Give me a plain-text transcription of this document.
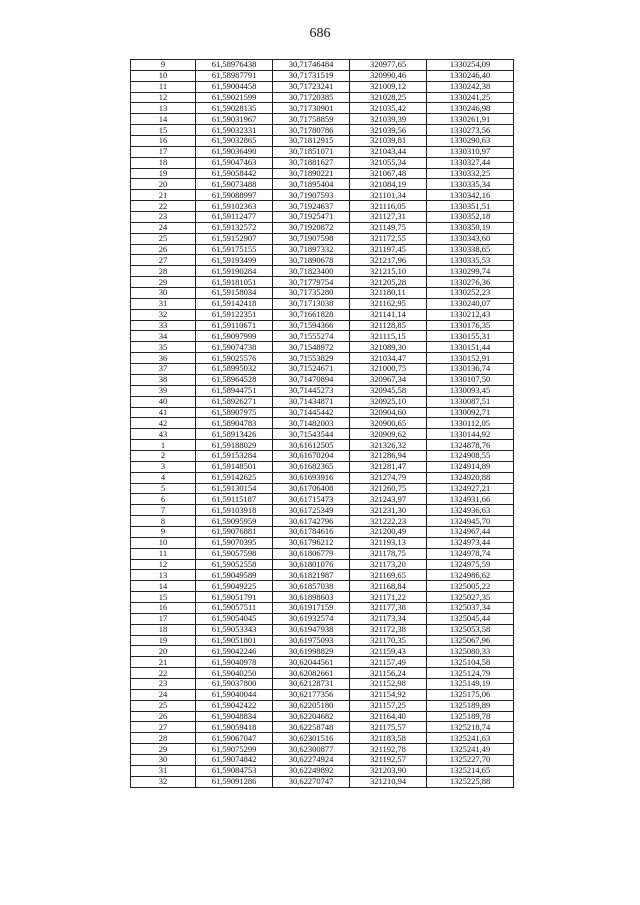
686
9	61,58976438	30,71746484	320977,65	1330254,09
10	61,58987791	30,71731519	320990,46	1330246,40
11	61,59004458	30,71723241	321009,12	1330242,38
12	61,59021599	30,71720385	321028,25	1330241,25
13	61,59028135	30,71730901	321035,42	1330246,98
14	61,59031967	30,71758859	321039,39	1330261,91
15	61,59032331	30,71780786	321039,56	1330273,56
16	61,59032865	30,71812915	321039,81	1330290,63
17	61,59036490	30,71851071	321043,44	1330310,97
18	61,59047463	30,71881627	321055,34	1330327,44
19	61,59058442	30,71890221	321067,48	1330332,25
20	61,59073488	30,71895404	321084,19	1330335,34
21	61,59088997	30,71907593	321101,34	1330342,16
22	61,59102363	30,71924637	321116,05	1330351,51
23	61,59112477	30,71925471	321127,31	1330352,18
24	61,59132572	30,71920872	321149,75	1330350,19
25	61,59152907	30,71907598	321172,55	1330343,60
26	61,59175155	30,71897332	321197,45	1330338,65
27	61,59193499	30,71890678	321217,96	1330335,53
28	61,59190284	30,71823400	321215,10	1330299,74
29	61,59181051	30,71779754	321205,28	1330276,36
30	61,59158034	30,71735280	321180,11	1330252,23
31	61,59142418	30,71713038	321162,95	1330240,07
32	61,59122351	30,71661828	321141,14	1330212,43
33	61,59110671	30,71594366	321128,85	1330176,35
34	61,59097999	30,71555274	321115,15	1330155,31
35	61,59074738	30,71548972	321089,30	1330151,44
36	61,59025576	30,71553829	321034,47	1330152,91
37	61,58995032	30,71524671	321000,75	1330136,74
38	61,58964528	30,71470894	320967,34	1330107,50
39	61,58944751	30,71445273	320945,58	1330093,45
40	61,58926271	30,71434871	320925,10	1330087,51
41	61,58907975	30,71445442	320904,60	1330092,71
42	61,58904783	30,71482003	320900,65	1330112,05
43	61,58913426	30,71543544	320909,62	1330144,92
1	61,59188029	30,61612505	321326,32	1324878,76
2	61,59153284	30,61670204	321286,94	1324908,55
3	61,59148501	30,61682365	321281,47	1324914,89
4	61,59142625	30,61693916	321274,79	1324920,88
5	61,59130154	30,61706408	321260,75	1324927,21
6	61,59115187	30,61715473	321243,97	1324931,66
7	61,59103918	30,61725349	321231,30	1324936,63
8	61,59095959	30,61742796	321222,23	1324945,70
9	61,59076881	30,61784616	321200,49	1324967,44
10	61,59070395	30,61796212	321193,13	1324973,44
11	61,59057598	30,61806779	321178,75	1324978,74
12	61,59052558	30,61801076	321173,20	1324975,59
13	61,59049589	30,61821987	321169,65	1324986,62
14	61,59049225	30,61857038	321168,84	1325005,22
15	61,59051791	30,61898603	321171,22	1325027,35
16	61,59057511	30,61917159	321177,38	1325037,34
17	61,59054045	30,61932574	321173,34	1325045,44
18	61,59053343	30,61947938	321172,38	1325053,58
19	61,59051801	30,61975093	321170,35	1325067,96
20	61,59042246	30,61998829	321159,43	1325080,33
21	61,59040978	30,62044561	321157,49	1325104,58
22	61,59040250	30,62082661	321156,24	1325124,79
23	61,59037800	30,62128731	321152,98	1325149,19
24	61,59040044	30,62177356	321154,92	1325175,06
25	61,59042422	30,62205180	321157,25	1325189,89
26	61,59048834	30,62204682	321164,40	1325189,78
27	61,59059418	30,62258748	321175,57	1325218,74
28	61,59067047	30,62301516	321183,58	1325241,63
29	61,59075299	30,62300877	321192,78	1325241,49
30	61,59074842	30,62274924	321192,57	1325227,70
31	61,59084753	30,62249892	321203,90	1325214,65
32	61,59091286	30,62270747	321210,94	1325225,88
